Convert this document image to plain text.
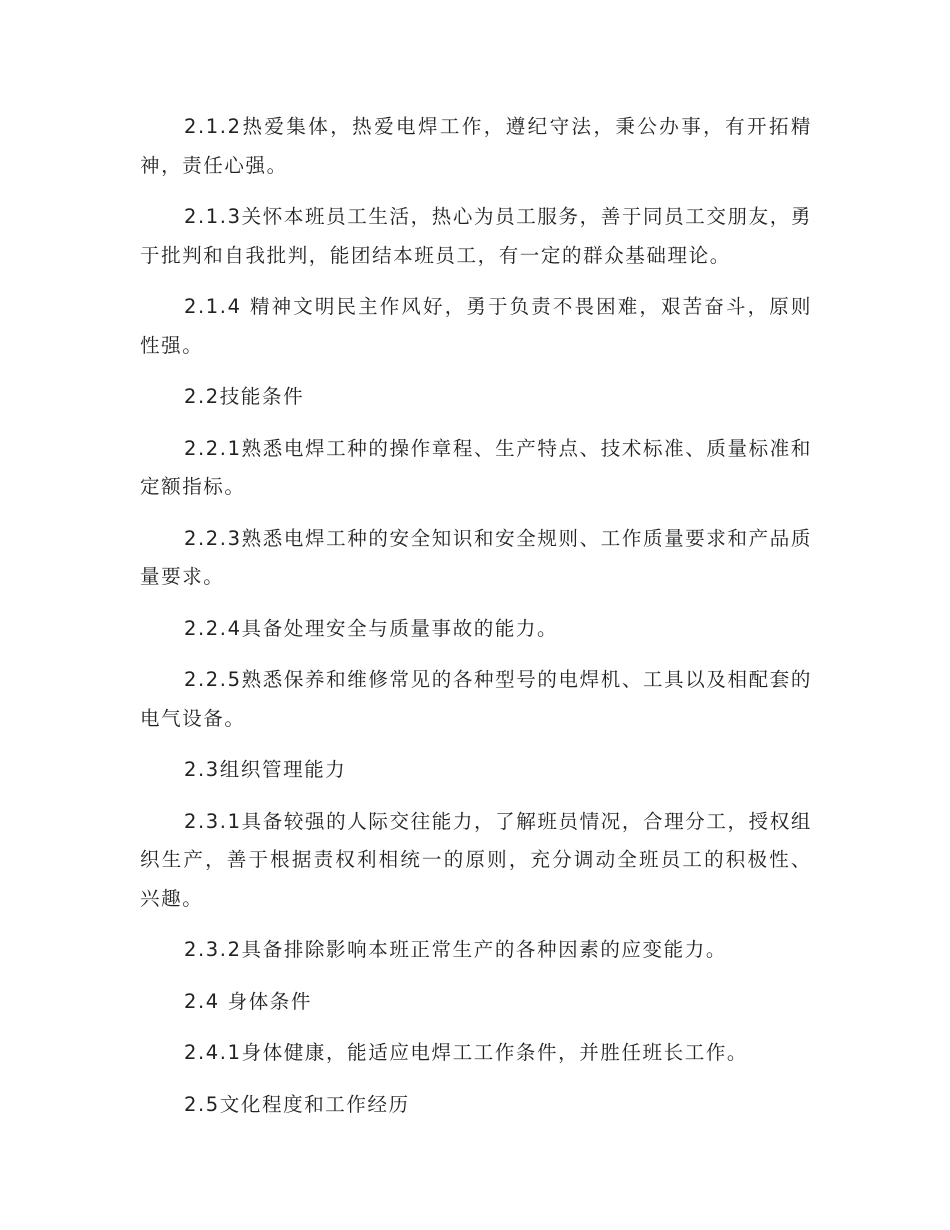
2.1.2热爱集体，热爱电焊工作，遵纪守法，秉公办事，有开拓精神，责任心强。

2.1.3关怀本班员工生活，热心为员工服务，善于同员工交朋友，勇于批判和自我批判，能团结本班员工，有一定的群众基础理论。

2.1.4 精神文明民主作风好，勇于负责不畏困难，艰苦奋斗，原则性强。

2.2技能条件

2.2.1熟悉电焊工种的操作章程、生产特点、技术标准、质量标准和定额指标。

2.2.3熟悉电焊工种的安全知识和安全规则、工作质量要求和产品质量要求。

2.2.4具备处理安全与质量事故的能力。

2.2.5熟悉保养和维修常见的各种型号的电焊机、工具以及相配套的电气设备。

2.3组织管理能力

2.3.1具备较强的人际交往能力，了解班员情况，合理分工，授权组织生产，善于根据责权利相统一的原则，充分调动全班员工的积极性、兴趣。

2.3.2具备排除影响本班正常生产的各种因素的应变能力。

2.4 身体条件

2.4.1身体健康，能适应电焊工工作条件，并胜任班长工作。

2.5文化程度和工作经历
